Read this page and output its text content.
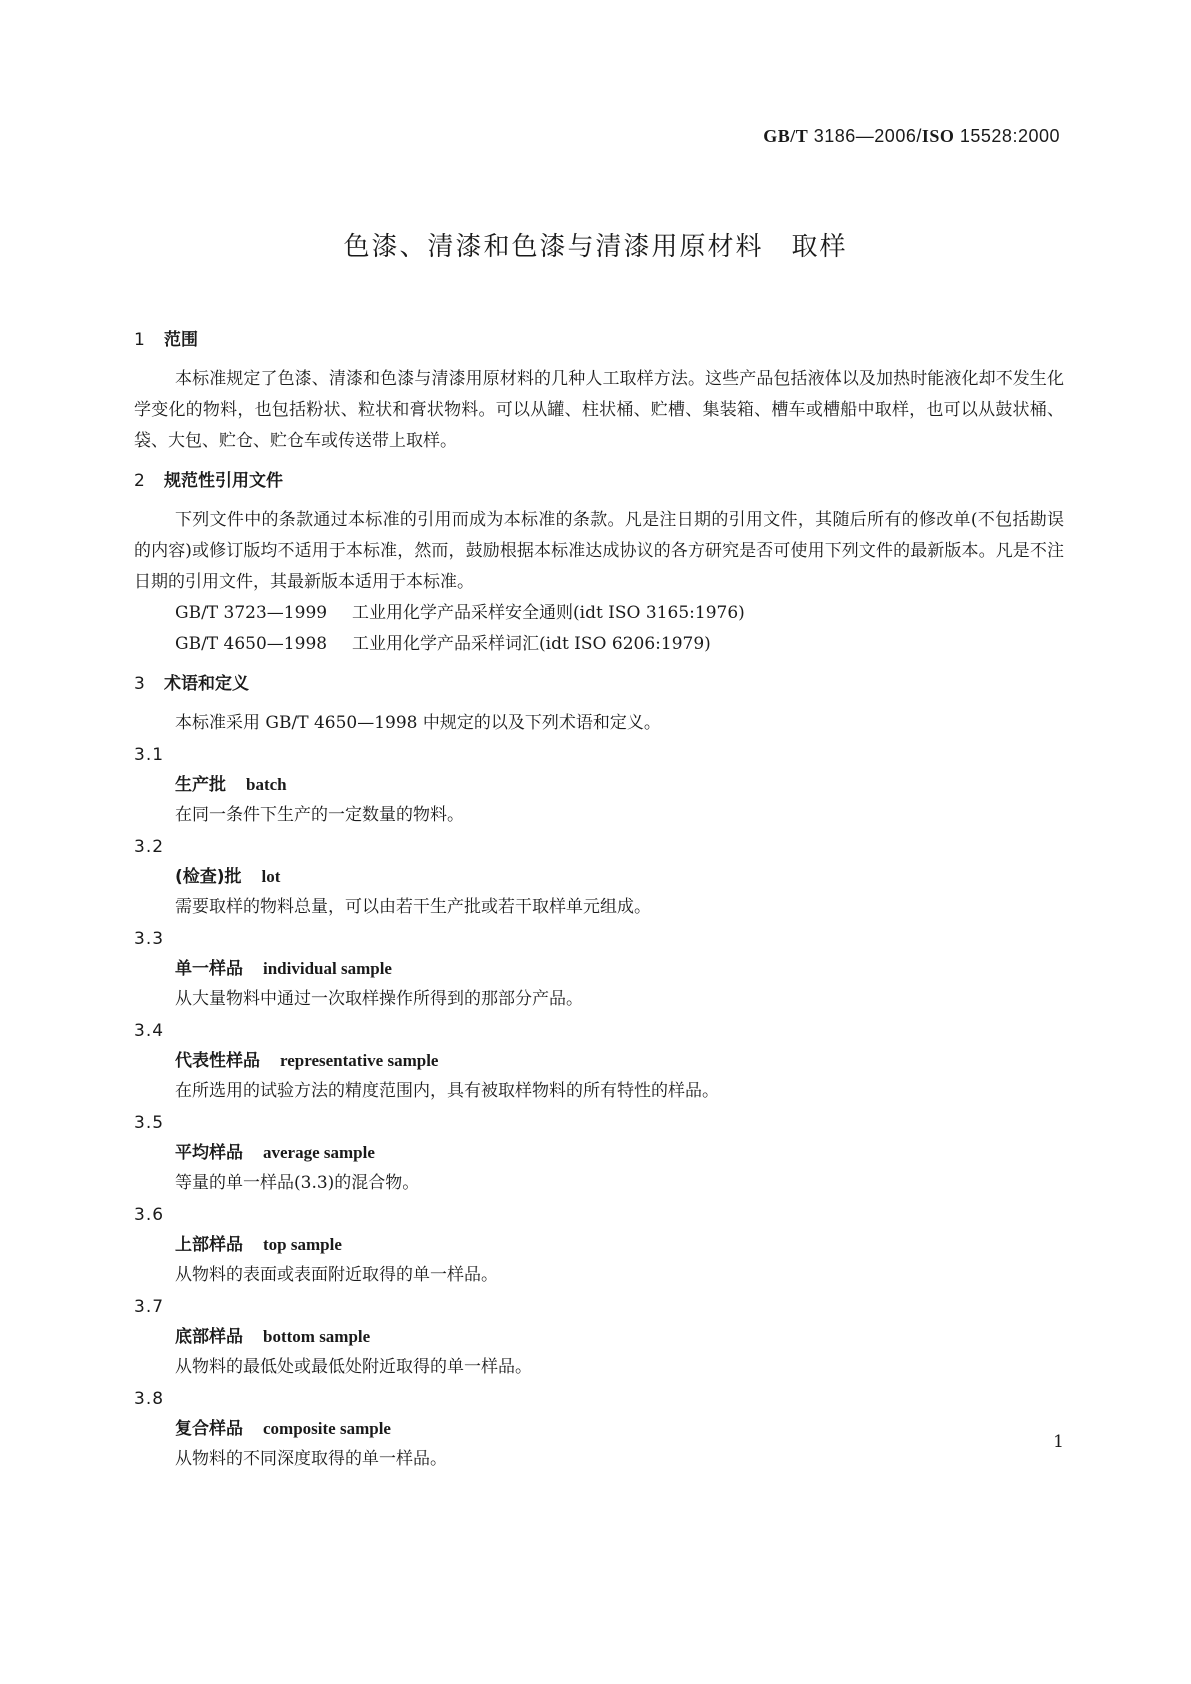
GB/T 3186—2006/ISO 15528:2000
色漆、清漆和色漆与清漆用原材料　取样
1 范围
本标准规定了色漆、清漆和色漆与清漆用原材料的几种人工取样方法。这些产品包括液体以及加热时能液化却不发生化学变化的物料，也包括粉状、粒状和膏状物料。可以从罐、柱状桶、贮槽、集装箱、槽车或槽船中取样，也可以从鼓状桶、袋、大包、贮仓、贮仓车或传送带上取样。
2 规范性引用文件
下列文件中的条款通过本标准的引用而成为本标准的条款。凡是注日期的引用文件，其随后所有的修改单(不包括勘误的内容)或修订版均不适用于本标准，然而，鼓励根据本标准达成协议的各方研究是否可使用下列文件的最新版本。凡是不注日期的引用文件，其最新版本适用于本标准。
GB/T 3723—1999 工业用化学产品采样安全通则(idt ISO 3165:1976)
GB/T 4650—1998 工业用化学产品采样词汇(idt ISO 6206:1979)
3 术语和定义
本标准采用 GB/T 4650—1998 中规定的以及下列术语和定义。
3.1
生产批 batch
在同一条件下生产的一定数量的物料。
3.2
(检查)批 lot
需要取样的物料总量，可以由若干生产批或若干取样单元组成。
3.3
单一样品 individual sample
从大量物料中通过一次取样操作所得到的那部分产品。
3.4
代表性样品 representative sample
在所选用的试验方法的精度范围内，具有被取样物料的所有特性的样品。
3.5
平均样品 average sample
等量的单一样品(3.3)的混合物。
3.6
上部样品 top sample
从物料的表面或表面附近取得的单一样品。
3.7
底部样品 bottom sample
从物料的最低处或最低处附近取得的单一样品。
3.8
复合样品 composite sample
从物料的不同深度取得的单一样品。
1
